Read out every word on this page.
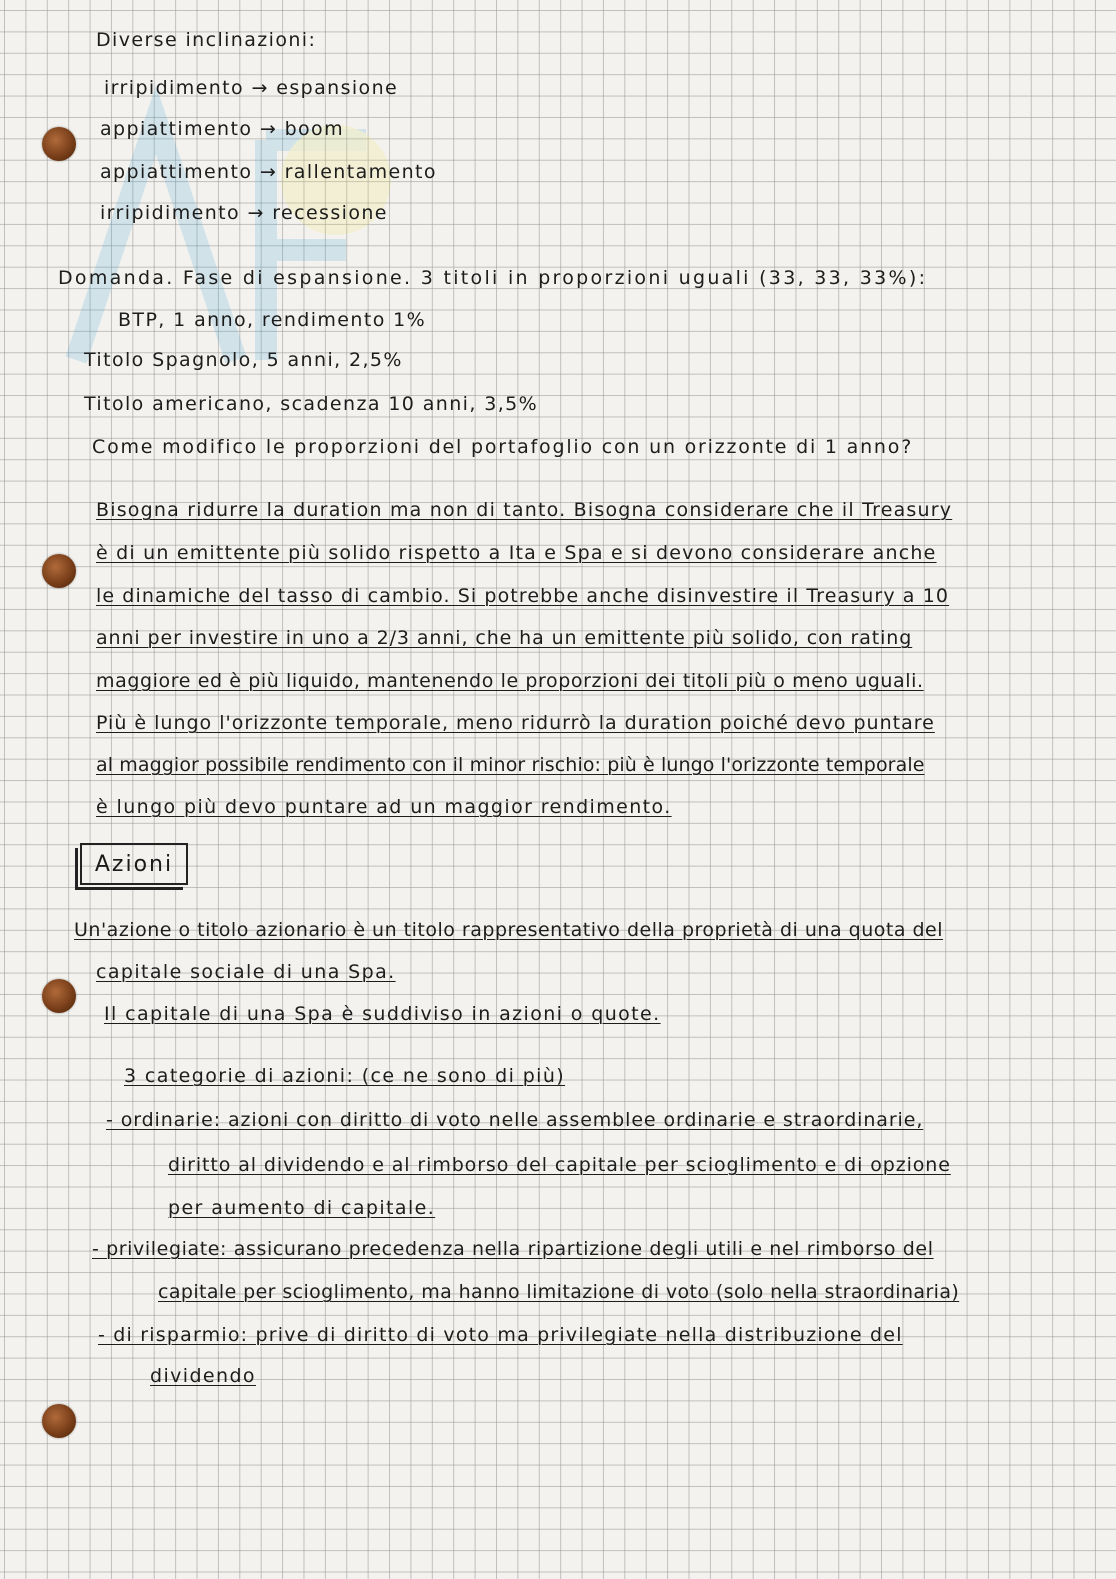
Diverse inclinazioni:
irripidimento → espansione
appiattimento → boom
appiattimento → rallentamento
irripidimento → recessione
Domanda. Fase di espansione. 3 titoli in proporzioni uguali (33, 33, 33%):
BTP, 1 anno, rendimento 1%
Titolo Spagnolo, 5 anni, 2,5%
Titolo americano, scadenza 10 anni, 3,5%
Come modifico le proporzioni del portafoglio con un orizzonte di 1 anno?
Bisogna ridurre la duration ma non di tanto. Bisogna considerare che il Treasury
è di un emittente più solido rispetto a Ita e Spa e si devono considerare anche
le dinamiche del tasso di cambio. Si potrebbe anche disinvestire il Treasury a 10
anni per investire in uno a 2/3 anni, che ha un emittente più solido, con rating
maggiore ed è più liquido, mantenendo le proporzioni dei titoli più o meno uguali.
Più è lungo l'orizzonte temporale, meno ridurrò la duration poiché devo puntare
al maggior possibile rendimento con il minor rischio: più è lungo l'orizzonte temporale
è lungo più devo puntare ad un maggior rendimento.
Azioni
Un'azione o titolo azionario è un titolo rappresentativo della proprietà di una quota del
capitale sociale di una Spa.
Il capitale di una Spa è suddiviso in azioni o quote.
3 categorie di azioni: (ce ne sono di più)
- ordinarie: azioni con diritto di voto nelle assemblee ordinarie e straordinarie,
diritto al dividendo e al rimborso del capitale per scioglimento e di opzione
per aumento di capitale.
- privilegiate: assicurano precedenza nella ripartizione degli utili e nel rimborso del
capitale per scioglimento, ma hanno limitazione di voto (solo nella straordinaria)
- di risparmio: prive di diritto di voto ma privilegiate nella distribuzione del
dividendo
